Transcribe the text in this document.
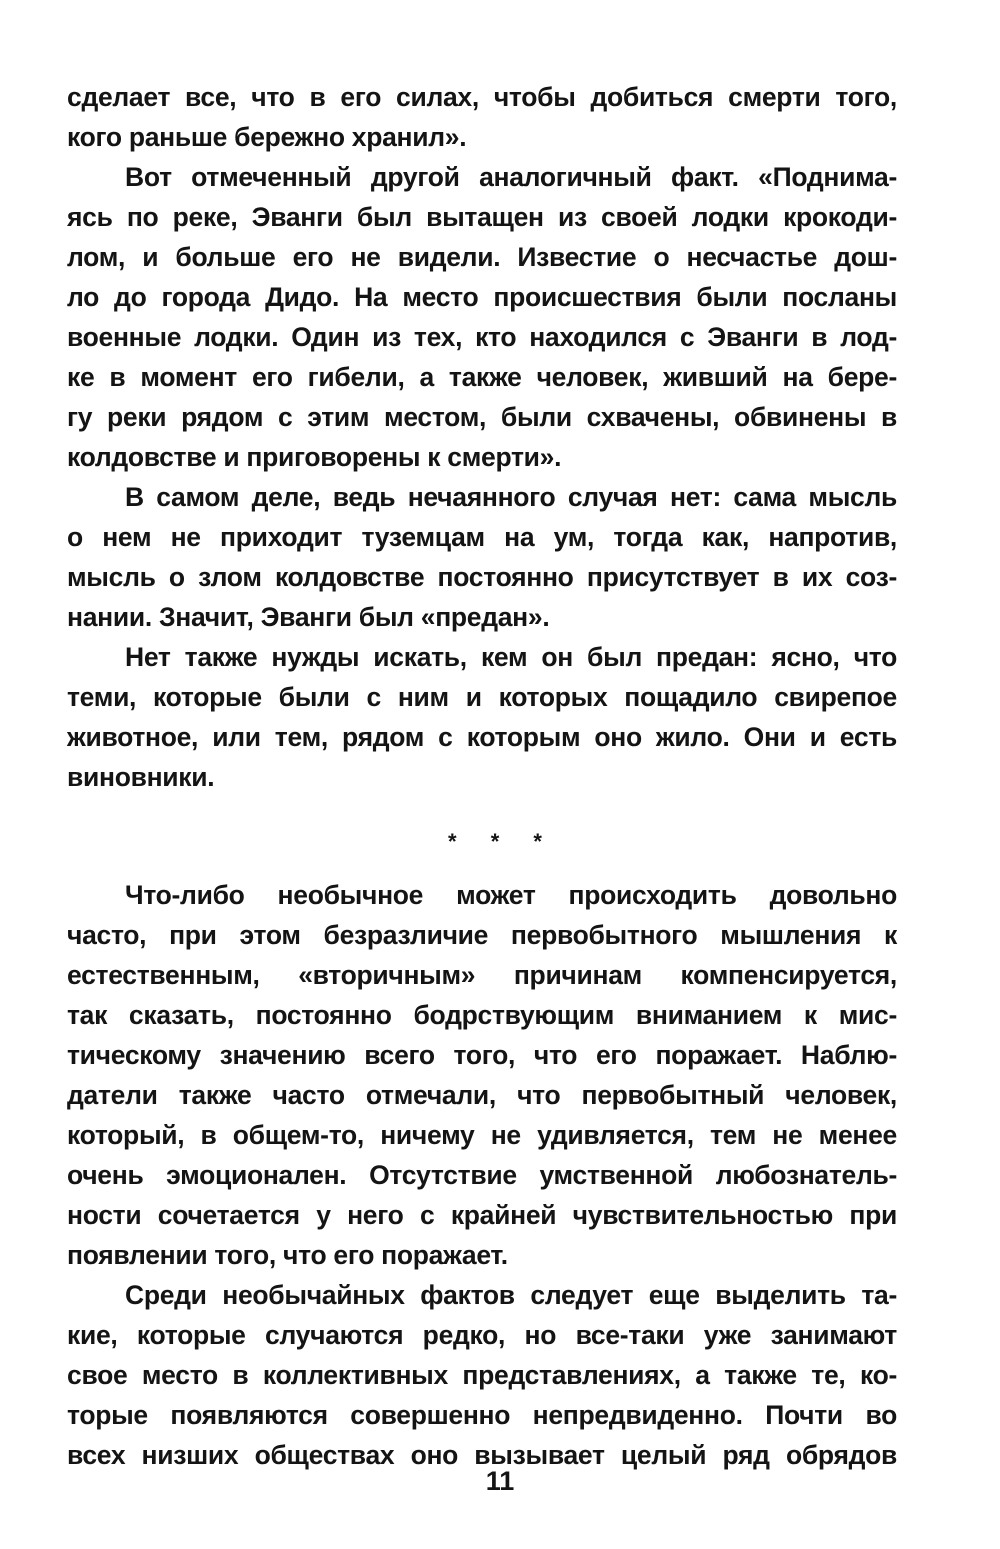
сделает все, что в его силах, чтобы добиться смерти того,
кого раньше бережно хранил».
Вот отмеченный другой аналогичный факт. «Поднима-
ясь по реке, Эванги был вытащен из своей лодки крокоди-
лом, и больше его не видели. Известие о несчастье дош-
ло до города Дидо. На место происшествия были посланы
военные лодки. Один из тех, кто находился с Эванги в лод-
ке в момент его гибели, а также человек, живший на бере-
гу реки рядом с этим местом, были схвачены, обвинены в
колдовстве и приговорены к смерти».
В самом деле, ведь нечаянного случая нет: сама мысль
о нем не приходит туземцам на ум, тогда как, напротив,
мысль о злом колдовстве постоянно присутствует в их соз-
нании. Значит, Эванги был «предан».
Нет также нужды искать, кем он был предан: ясно, что
теми, которые были с ним и которых пощадило свирепое
животное, или тем, рядом с которым оно жило. Они и есть
виновники.
* * *
Что-либо необычное может происходить довольно
часто, при этом безразличие первобытного мышления к
естественным, «вторичным» причинам компенсируется,
так сказать, постоянно бодрствующим вниманием к мис-
тическому значению всего того, что его поражает. Наблю-
датели также часто отмечали, что первобытный человек,
который, в общем-то, ничему не удивляется, тем не менее
очень эмоционален. Отсутствие умственной любознатель-
ности сочетается у него с крайней чувствительностью при
появлении того, что его поражает.
Среди необычайных фактов следует еще выделить та-
кие, которые случаются редко, но все-таки уже занимают
свое место в коллективных представлениях, а также те, ко-
торые появляются совершенно непредвиденно. Почти во
всех низших обществах оно вызывает целый ряд обрядов
11
